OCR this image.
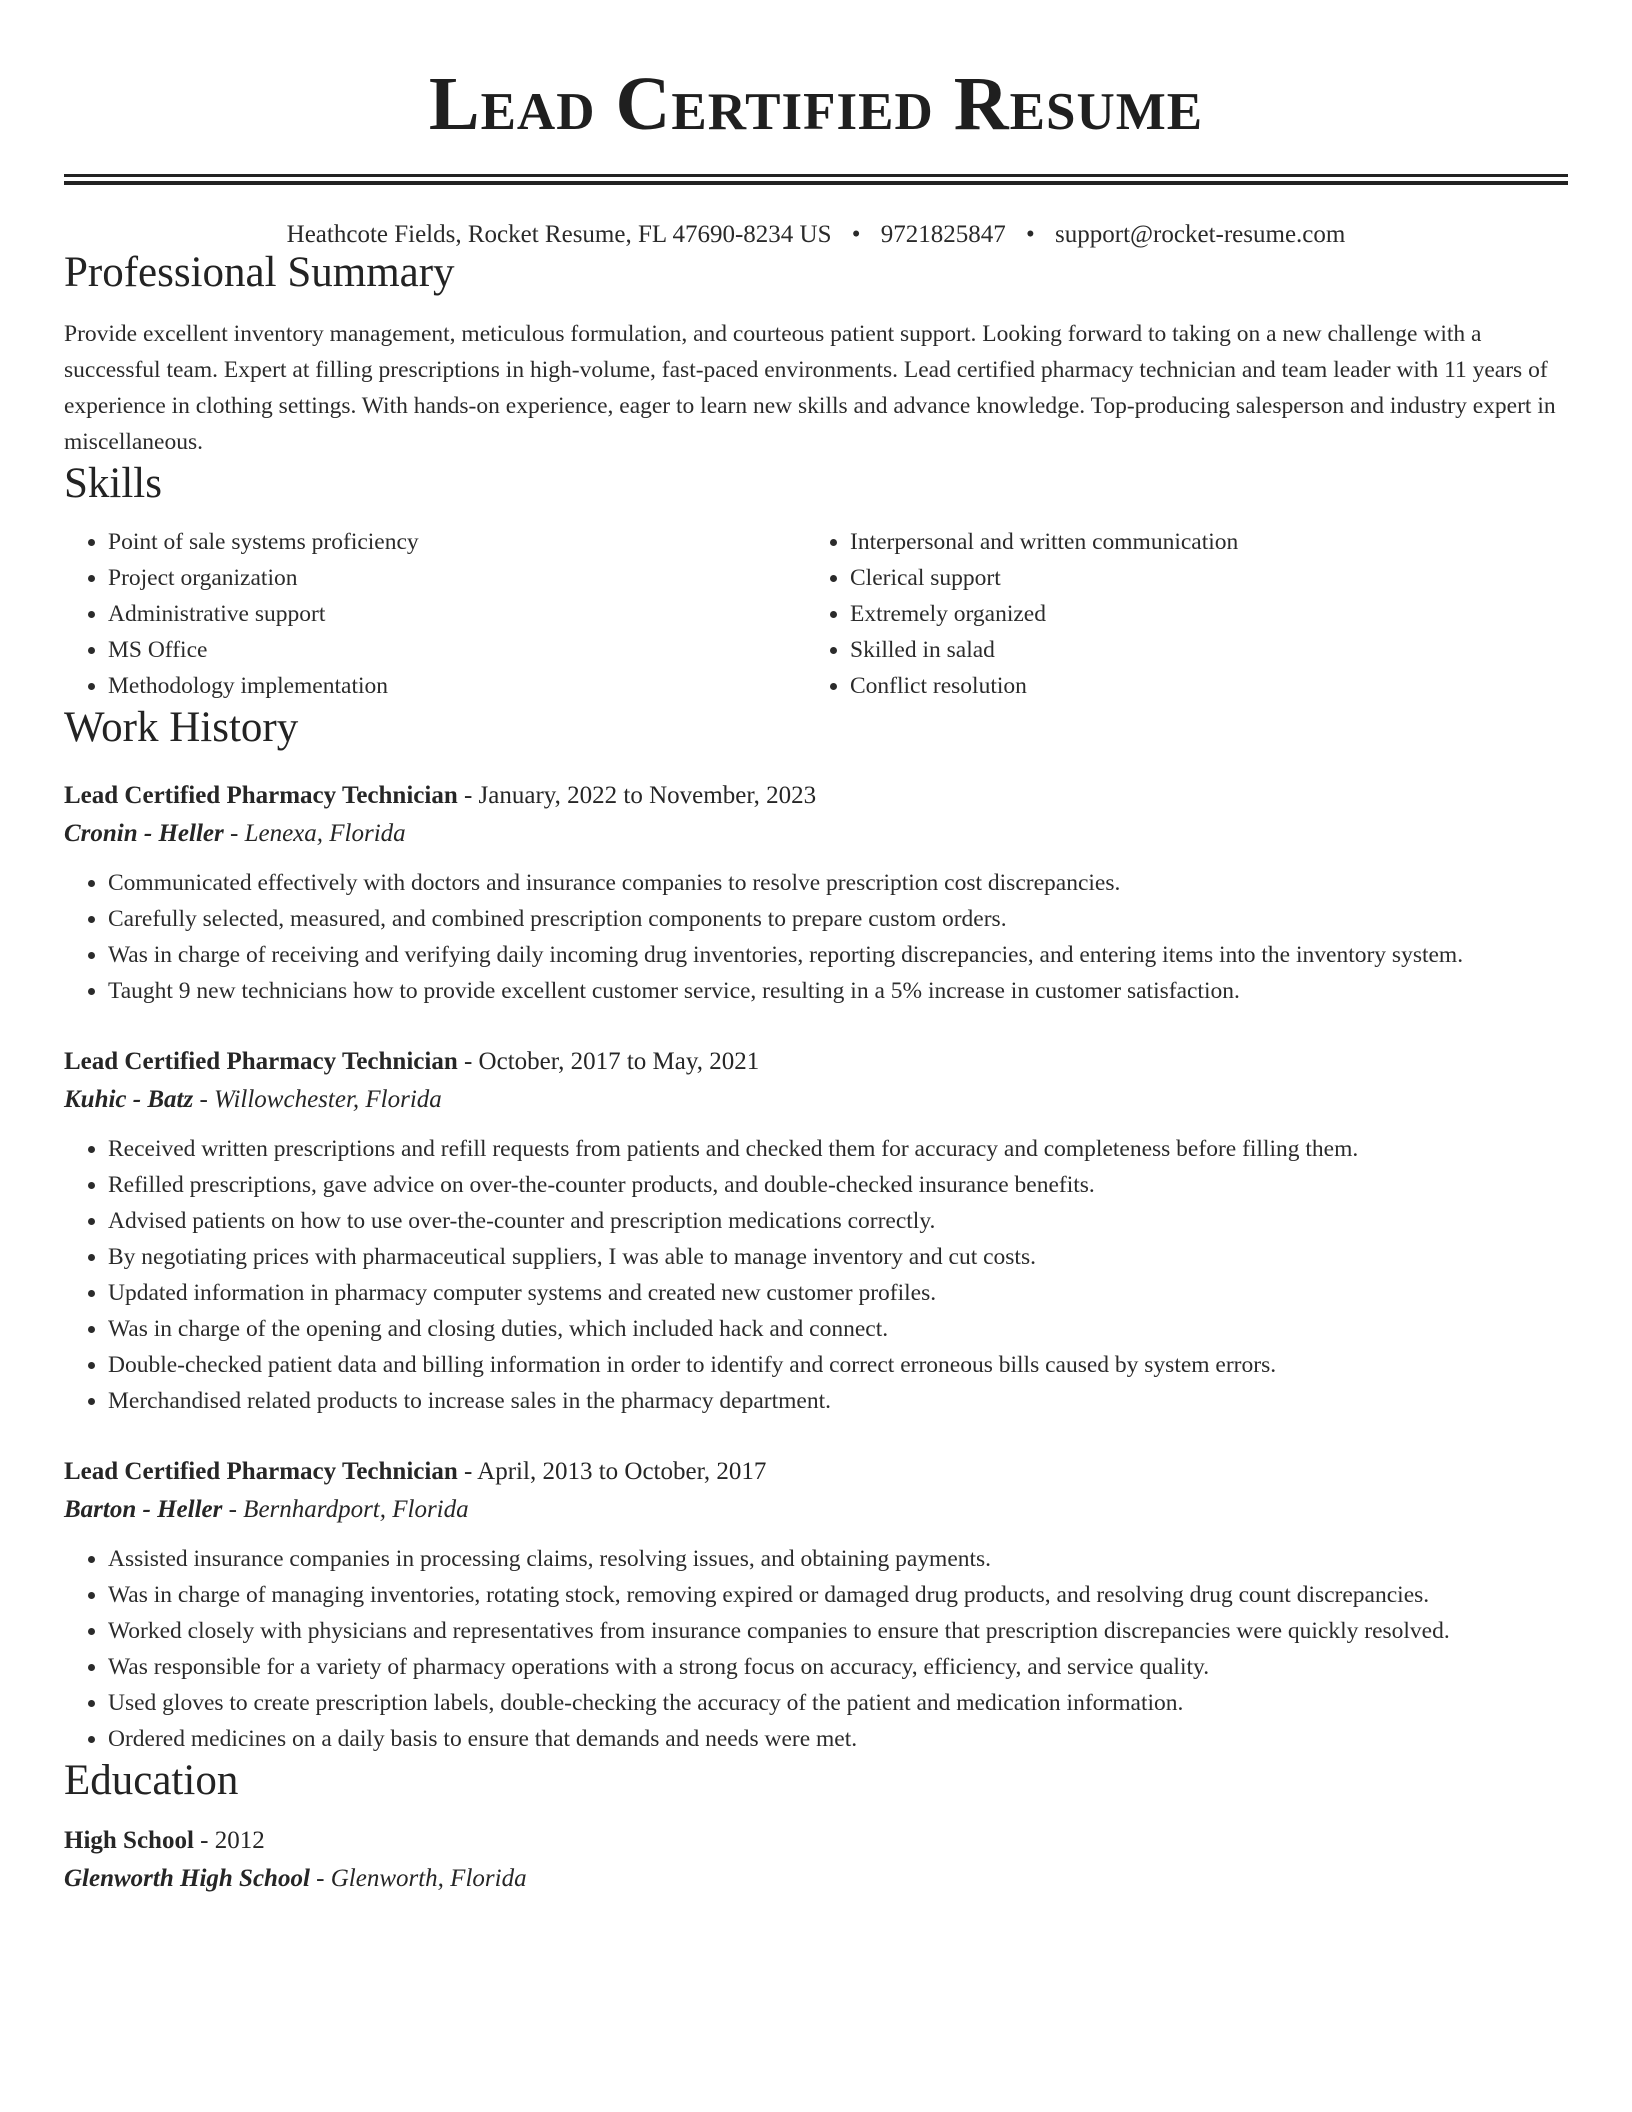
Lead Certified Resume
Heathcote Fields, Rocket Resume, FL 47690-8234 US • 9721825847 • support@rocket-resume.com
Professional Summary
Provide excellent inventory management, meticulous formulation, and courteous patient support. Looking forward to taking on a new challenge with a successful team. Expert at filling prescriptions in high-volume, fast-paced environments. Lead certified pharmacy technician and team leader with 11 years of experience in clothing settings. With hands-on experience, eager to learn new skills and advance knowledge. Top-producing salesperson and industry expert in miscellaneous.
Skills
• Point of sale systems proficiency
• Project organization
• Administrative support
• MS Office
• Methodology implementation
• Interpersonal and written communication
• Clerical support
• Extremely organized
• Skilled in salad
• Conflict resolution
Work History
Lead Certified Pharmacy Technician - January, 2022 to November, 2023
Cronin - Heller - Lenexa, Florida
• Communicated effectively with doctors and insurance companies to resolve prescription cost discrepancies.
• Carefully selected, measured, and combined prescription components to prepare custom orders.
• Was in charge of receiving and verifying daily incoming drug inventories, reporting discrepancies, and entering items into the inventory system.
• Taught 9 new technicians how to provide excellent customer service, resulting in a 5% increase in customer satisfaction.
Lead Certified Pharmacy Technician - October, 2017 to May, 2021
Kuhic - Batz - Willowchester, Florida
• Received written prescriptions and refill requests from patients and checked them for accuracy and completeness before filling them.
• Refilled prescriptions, gave advice on over-the-counter products, and double-checked insurance benefits.
• Advised patients on how to use over-the-counter and prescription medications correctly.
• By negotiating prices with pharmaceutical suppliers, I was able to manage inventory and cut costs.
• Updated information in pharmacy computer systems and created new customer profiles.
• Was in charge of the opening and closing duties, which included hack and connect.
• Double-checked patient data and billing information in order to identify and correct erroneous bills caused by system errors.
• Merchandised related products to increase sales in the pharmacy department.
Lead Certified Pharmacy Technician - April, 2013 to October, 2017
Barton - Heller - Bernhardport, Florida
• Assisted insurance companies in processing claims, resolving issues, and obtaining payments.
• Was in charge of managing inventories, rotating stock, removing expired or damaged drug products, and resolving drug count discrepancies.
• Worked closely with physicians and representatives from insurance companies to ensure that prescription discrepancies were quickly resolved.
• Was responsible for a variety of pharmacy operations with a strong focus on accuracy, efficiency, and service quality.
• Used gloves to create prescription labels, double-checking the accuracy of the patient and medication information.
• Ordered medicines on a daily basis to ensure that demands and needs were met.
Education
High School - 2012
Glenworth High School - Glenworth, Florida
